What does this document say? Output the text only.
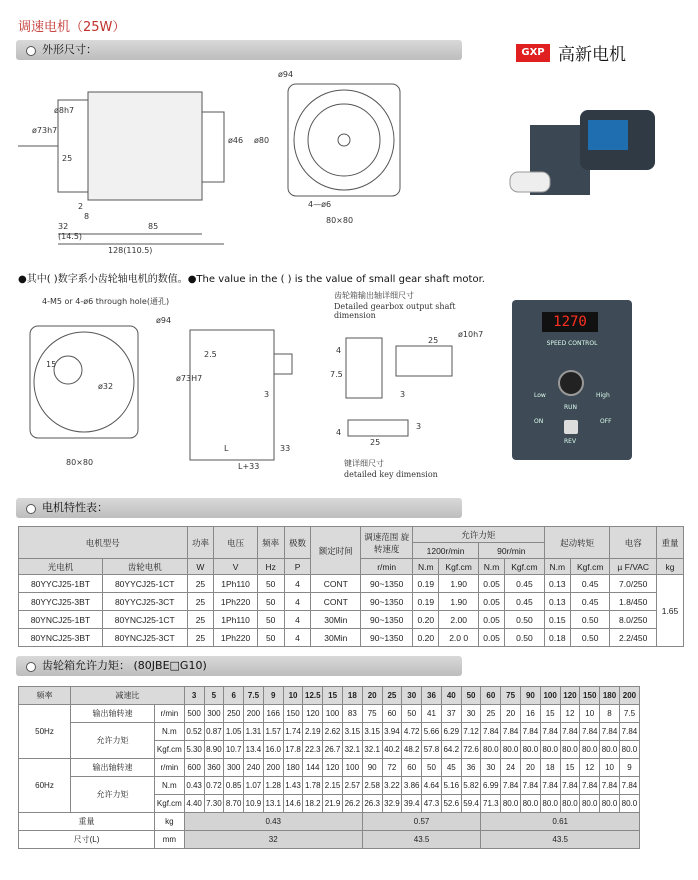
调速电机（25W）
外形尺寸：	GXP 高新电机
ø73h7
ø8h7
25
2
8
32
(14.5)
85
128(110.5)
ø46 ø80
ø94
4—ø6
80×80
●其中( )数字系小齿轮轴电机的数值。●The value in the ( ) is the value of small gear shaft motor.
4-M5 or 4-ø6 through hole(通孔)
ø94
15
ø32
80×80
ø73H7
2.5
3
L	33
L+33
齿轮箱输出轴详细尺寸
Detailed gearbox output shaft dimension
25
7.5
4
ø10h7
3
25
4
3
键详细尺寸
detailed key dimension
1270
SPEED CONTROL
Low	High
RUN
ON	OFF
REV
电机特性表：
电机型号		功率	电压	频率	极数	额定时间	调速范围 旋转速度	允许力矩				起动转矩		电容	重量
								1200r/min		90r/min					
光电机	齿轮电机	W	V	Hz	P		r/min	N.m	Kgf.cm	N.m	Kgf.cm	N.m	Kgf.cm	µ F/VAC	kg
80YYCJ25-1BT	80YYCJ25-1CT	25	1Ph110	50	4	CONT	90~1350	0.19	1.90	0.05	0.45	0.13	0.45	7.0/250	1.65
80YYCJ25-3BT	80YYCJ25-3CT	25	1Ph220	50	4	CONT	90~1350	0.19	1.90	0.05	0.45	0.13	0.45	1.8/450	
80YNCJ25-1BT	80YNCJ25-1CT	25	1Ph110	50	4	30Min	90~1350	0.20	2.00	0.05	0.50	0.15	0.50	8.0/250	
80YNCJ25-3BT	80YNCJ25-3CT	25	1Ph220	50	4	30Min	90~1350	0.20	2.0 0	0.05	0.50	0.18	0.50	2.2/450	
齿轮箱允许力矩： (80JBE□G10)
频率	减速比		3	5	6	7.5	9	10	12.5	15	18	20	25	30	36	40	50	60	75	90	100	120	150	180	200
50Hz	输出轴转速	r/min	500	300	250	200	166	150	120	100	83	75	60	50	41	37	30	25	20	16	15	12	10	8	7.5
	允许力矩	N.m	0.52	0.87	1.05	1.31	1.57	1.74	2.19	2.62	3.15	3.15	3.94	4.72	5.66	6.29	7.12	7.84	7.84	7.84	7.84	7.84	7.84	7.84	7.84
		Kgf.cm	5.30	8.90	10.7	13.4	16.0	17.8	22.3	26.7	32.1	32.1	40.2	48.2	57.8	64.2	72.6	80.0	80.0	80.0	80.0	80.0	80.0	80.0	80.0
60Hz	输出轴转速	r/min	600	360	300	240	200	180	144	120	100	90	72	60	50	45	36	30	24	20	18	15	12	10	9
	允许力矩	N.m	0.43	0.72	0.85	1.07	1.28	1.43	1.78	2.15	2.57	2.58	3.22	3.86	4.64	5.16	5.82	6.99	7.84	7.84	7.84	7.84	7.84	7.84	7.84
		Kgf.cm	4.40	7.30	8.70	10.9	13.1	14.6	18.2	21.9	26.2	26.3	32.9	39.4	47.3	52.6	59.4	71.3	80.0	80.0	80.0	80.0	80.0	80.0	80.0
重量		kg	0.43									0.57						0.61							
尺寸(L)		mm	32									43.5						43.5							
